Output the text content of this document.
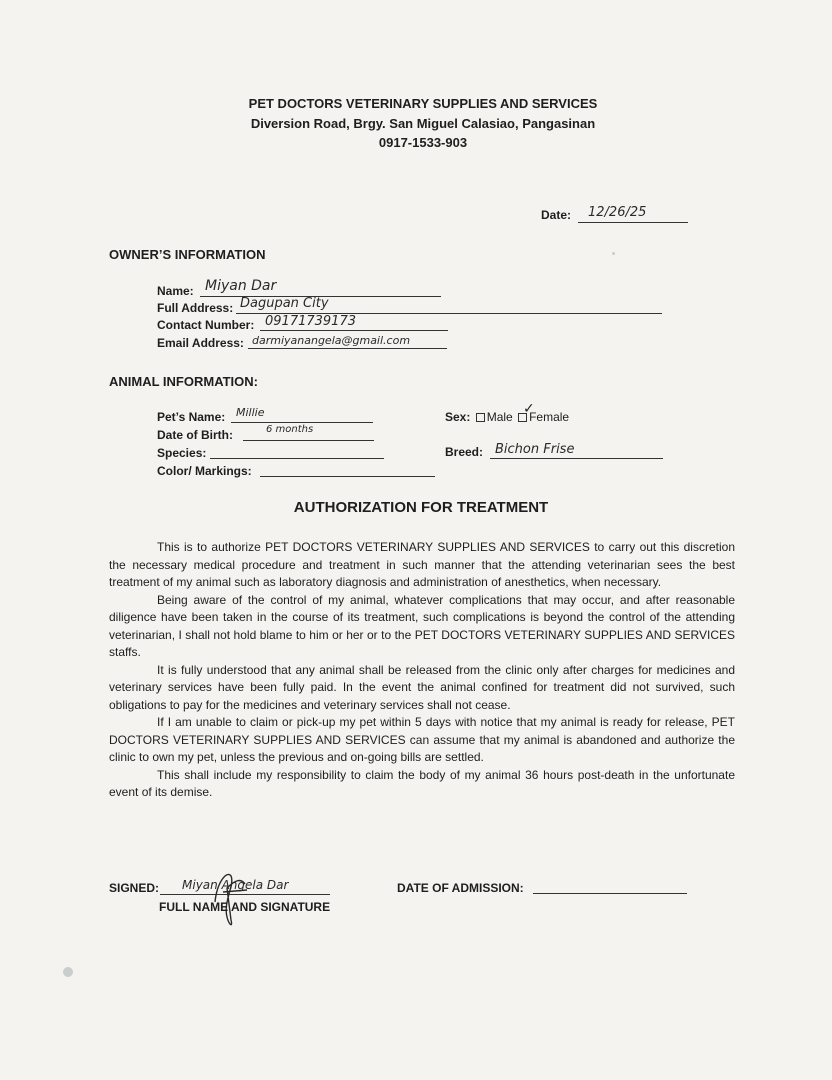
PET DOCTORS VETERINARY SUPPLIES AND SERVICES
Diversion Road, Brgy. San Miguel Calasiao, Pangasinan
0917-1533-903
Date: 12/26/25
OWNER’S INFORMATION
Name: Miyan Dar
Full Address: Dagupan City
Contact Number: 09171739173
Email Address: darmiyanangela@gmail.com
ANIMAL INFORMATION:
Pet’s Name: Millie
Date of Birth:	6 months
Species:
Color/ Markings:
Sex: Male Female
✓
Breed: Bichon Frise
AUTHORIZATION FOR TREATMENT

This is to authorize PET DOCTORS VETERINARY SUPPLIES AND SERVICES to carry out this discretion the necessary medical procedure and treatment in such manner that the attending veterinarian sees the best treatment of my animal such as laboratory diagnosis and administration of anesthetics, when necessary.

Being aware of the control of my animal, whatever complications that may occur, and after reasonable diligence have been taken in the course of its treatment, such complications is beyond the control of the attending veterinarian, I shall not hold blame to him or her or to the PET DOCTORS VETERINARY SUPPLIES AND SERVICES staffs.

It is fully understood that any animal shall be released from the clinic only after charges for medicines and veterinary services have been fully paid. In the event the animal confined for treatment did not survived, such obligations to pay for the medicines and veterinary services shall not cease.

If I am unable to claim or pick-up my pet within 5 days with notice that my animal is ready for release, PET DOCTORS VETERINARY SUPPLIES AND SERVICES can assume that my animal is abandoned and authorize the clinic to own my pet, unless the previous and on-going bills are settled.

This shall include my responsibility to claim the body of my animal 36 hours post-death in the unfortunate event of its demise.

SIGNED: Miyan Angela Dar
FULL NAME AND SIGNATURE
DATE OF ADMISSION:
